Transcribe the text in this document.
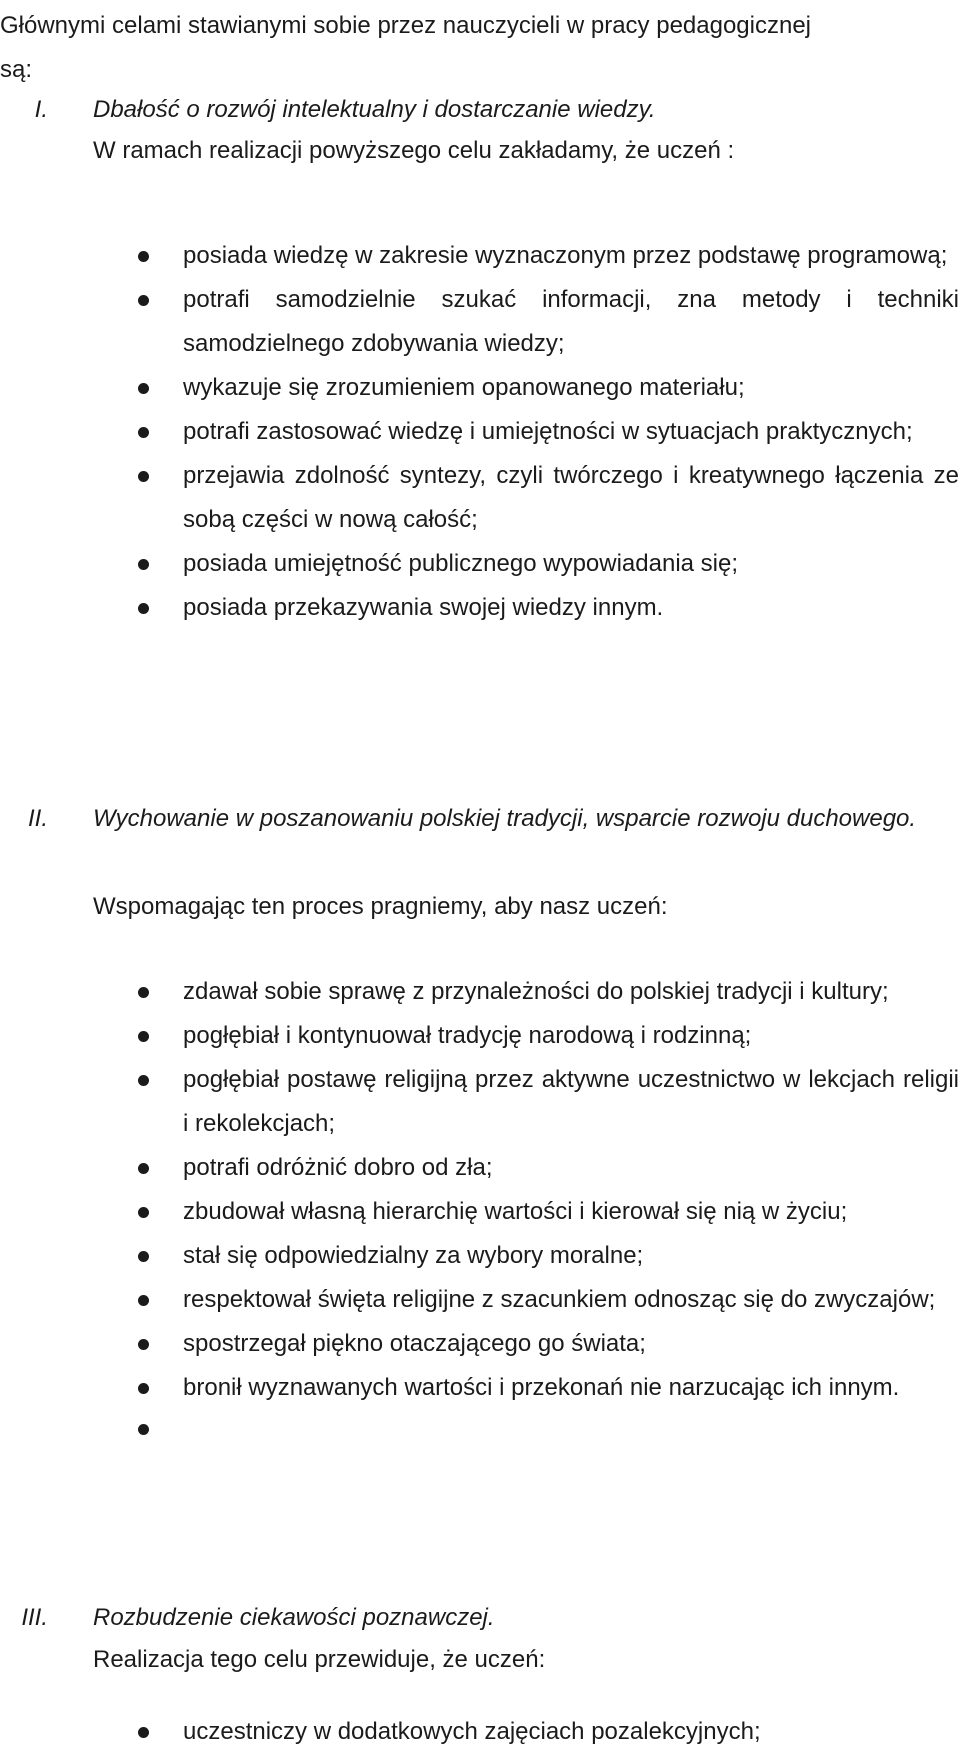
Głównymi celami stawianymi sobie przez nauczycieli w pracy pedagogicznej
są:
I. Dbałość o rozwój intelektualny i dostarczanie wiedzy.
W ramach realizacji powyższego celu zakładamy, że uczeń :
posiada wiedzę w zakresie wyznaczonym przez podstawę programową;
potrafi samodzielnie szukać informacji, zna metody i techniki samodzielnego zdobywania wiedzy;
wykazuje się zrozumieniem opanowanego materiału;
potrafi zastosować wiedzę i umiejętności w sytuacjach praktycznych;
przejawia zdolność syntezy, czyli twórczego i kreatywnego łączenia ze sobą części w nową całość;
posiada umiejętność publicznego wypowiadania się;
posiada przekazywania swojej wiedzy innym.
II. Wychowanie w poszanowaniu polskiej tradycji, wsparcie rozwoju duchowego.
Wspomagając ten proces pragniemy, aby nasz uczeń:
zdawał sobie sprawę z przynależności do polskiej tradycji i kultury;
pogłębiał i kontynuował tradycję narodową i rodzinną;
pogłębiał postawę religijną przez aktywne uczestnictwo w lekcjach religii i rekolekcjach;
potrafi odróżnić dobro od zła;
zbudował własną hierarchię wartości i kierował się nią w życiu;
stał się odpowiedzialny za wybory moralne;
respektował święta religijne z szacunkiem odnosząc się do zwyczajów;
spostrzegał piękno otaczającego go świata;
bronił wyznawanych wartości i przekonań nie narzucając ich innym.
III. Rozbudzenie ciekawości poznawczej.
Realizacja tego celu przewiduje, że uczeń:
uczestniczy w dodatkowych zajęciach pozalekcyjnych;
